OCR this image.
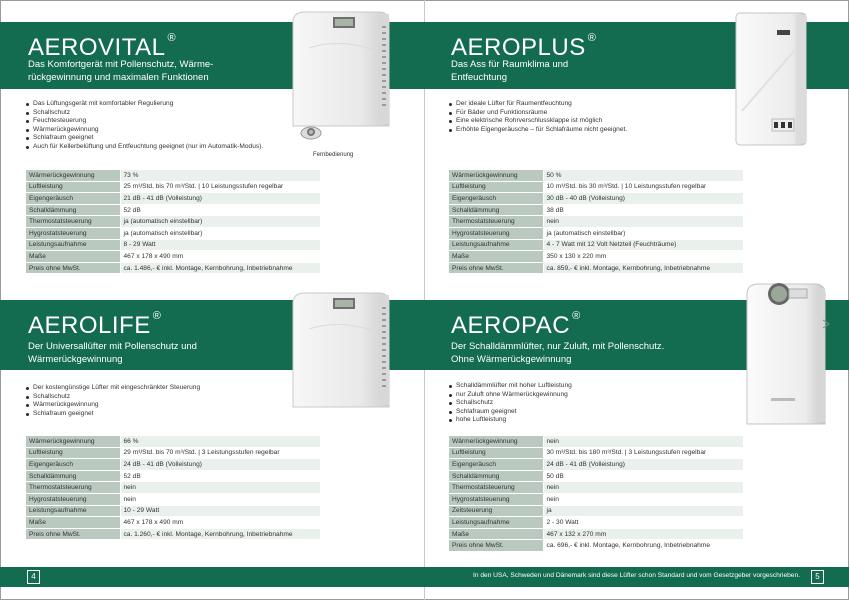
AEROVITAL ®
Das Komfortgerät mit Pollenschutz, Wärme-
rückgewinnung und maximalen Funktionen
Fernbedienung
Das Lüftungsgerät mit komfortabler Regulierung
Schallschutz
Feuchtesteuerung
Wärmerückgewinnung
Schlafraum geeignet
Auch für Kellerbelüftung und Entfeuchtung geeignet (nur im Automatik-Modus).
Wärmerückgewinnung	73 %
Luftleistung	25 m³/Std. bis 70 m³/Std. | 10 Leistungsstufen regelbar
Eigengeräusch	21 dB - 41 dB (Volleistung)
Schalldämmung	52 dB
Thermostatsteuerung	ja (automatisch einstellbar)
Hygrostatsteuerung	ja (automatisch einstellbar)
Leistungsaufnahme	8 - 29 Watt
Maße	467 x 178 x 490 mm
Preis ohne MwSt.	ca. 1.486,- € inkl. Montage, Kernbohrung, Inbetriebnahme
AEROPLUS ®
Das Ass für Raumklima und
Entfeuchtung
Der ideale Lüfter für Raumentfeuchtung
Für Bäder und Funktionsräume
Eine elektrische Rohrverschlussklappe ist möglich
Erhöhte Eigengeräusche – für Schlafräume nicht geeignet.
Wärmerückgewinnung	50 %
Luftleistung	10 m³/Std. bis 30 m³/Std. | 10 Leistungsstufen regelbar
Eigengeräusch	30 dB - 40 dB (Volleistung)
Schalldämmung	38 dB
Thermostatsteuerung	nein
Hygrostatsteuerung	ja (automatisch einstellbar)
Leistungsaufnahme	4 - 7 Watt mit 12 Volt Netzteil (Feuchträume)
Maße	350 x 130 x 220 mm
Preis ohne MwSt.	ca. 859,- € inkl. Montage, Kernbohrung, Inbetriebnahme
AEROLIFE ®
Der Universallüfter mit Pollenschutz und
Wärmerückgewinnung
Der kostengünstige Lüfter mit eingeschränkter Steuerung
Schallschutz
Wärmerückgewinnung
Schlafraum geeignet
Wärmerückgewinnung	66 %
Luftleistung	29 m³/Std. bis 70 m³/Std. | 3 Leistungsstufen regelbar
Eigengeräusch	24 dB - 41 dB (Volleistung)
Schalldämmung	52 dB
Thermostatsteuerung	nein
Hygrostatsteuerung	nein
Leistungsaufnahme	10 - 29 Watt
Maße	467 x 178 x 490 mm
Preis ohne MwSt.	ca. 1.260,- € inkl. Montage, Kernbohrung, Inbetriebnahme
AEROPAC ®
Der Schalldämmlüfter, nur Zuluft, mit Pollenschutz.
Ohne Wärmerückgewinnung
Schalldämmlüfter mit hoher Luftleistung
nur Zuluft ohne Wärmerückgewinnung
Schallschutz
Schlafraum geeignet
hohe Luftleistung
Wärmerückgewinnung	nein
Luftleistung	30 m³/Std. bis 180 m³/Std. | 3 Leistungsstufen regelbar
Eigengeräusch	24 dB - 41 dB (Volleistung)
Schalldämmung	50 dB
Thermostatsteuerung	nein
Hygrostatsteuerung	nein
Zeitsteuerung	ja
Leistungsaufnahme	2 - 30 Watt
Maße	467 x 132 x 270 mm
Preis ohne MwSt.	ca. 696,- € inkl. Montage, Kernbohrung, Inbetriebnahme
4	5
In den USA, Schweden und Dänemark sind diese Lüfter schon Standard und vom Gesetzgeber vorgeschrieben.
